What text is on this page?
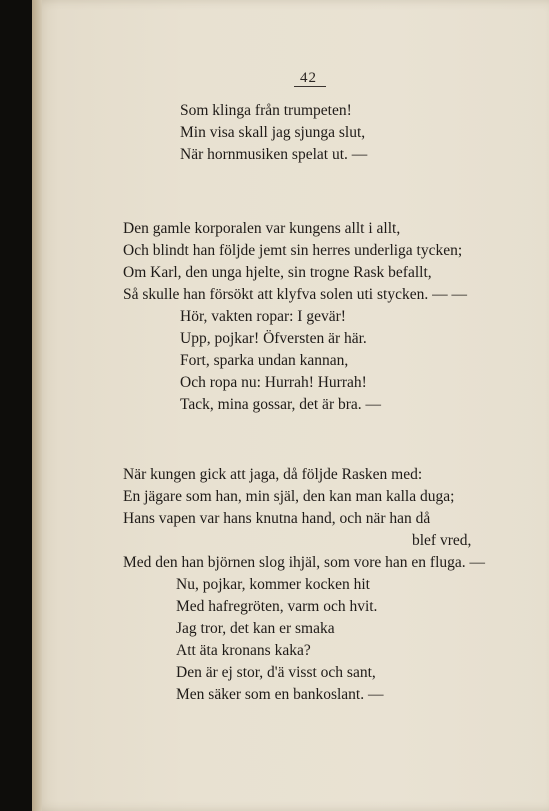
42
Som klinga från trumpeten!
Min visa skall jag sjunga slut,
När hornmusiken spelat ut. —
Den gamle korporalen var kungens allt i allt,
Och blindt han följde jemt sin herres underliga tycken;
Om Karl, den unga hjelte, sin trogne Rask befallt,
Så skulle han försökt att klyfva solen uti stycken. — —
Hör, vakten ropar: I gevär!
Upp, pojkar! Öfversten är här.
Fort, sparka undan kannan,
Och ropa nu: Hurrah! Hurrah!
Tack, mina gossar, det är bra. —
När kungen gick att jaga, då följde Rasken med:
En jägare som han, min själ, den kan man kalla duga;
Hans vapen var hans knutna hand, och när han då
blef vred,
Med den han björnen slog ihjäl, som vore han en fluga. —
Nu, pojkar, kommer kocken hit
Med hafregröten, varm och hvit.
Jag tror, det kan er smaka
Att äta kronans kaka?
Den är ej stor, d'ä visst och sant,
Men säker som en bankoslant. —
